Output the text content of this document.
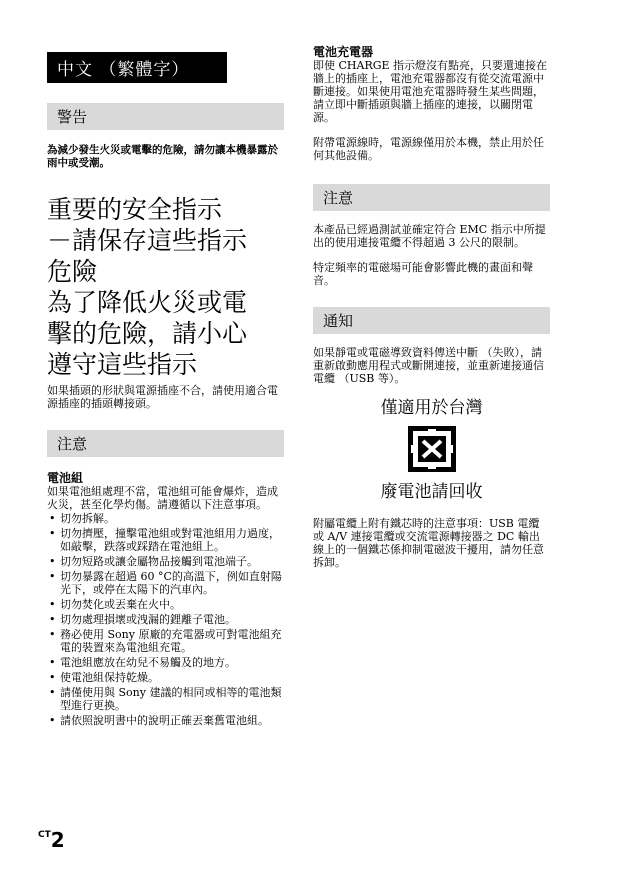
中文 （繁體字）
警告
為減少發生火災或電擊的危險，請勿讓本機暴露於雨中或受潮。
重要的安全指示
－請保存這些指示
危險
為了降低火災或電
擊的危險，請小心
遵守這些指示

如果插頭的形狀與電源插座不合，請使用適合電源插座的插頭轉接頭。

注意
電池組

如果電池組處理不當，電池組可能會爆炸，造成火災，甚至化學灼傷。請遵循以下注意事項。

• 切勿拆解。
• 切勿擠壓，撞擊電池組或對電池組用力過度，如敲擊，跌落或踩踏在電池組上。
• 切勿短路或讓金屬物品接觸到電池端子。
• 切勿暴露在超過 60 °C的高溫下，例如直射陽光下，或停在太陽下的汽車內。
• 切勿焚化或丟棄在火中。
• 切勿處理損壞或洩漏的鋰離子電池。
• 務必使用 Sony 原廠的充電器或可對電池組充電的裝置來為電池組充電。
• 電池組應放在幼兒不易觸及的地方。
• 使電池組保持乾燥。
• 請僅使用與 Sony 建議的相同或相等的電池類型進行更換。
• 請依照說明書中的說明正確丟棄舊電池組。
電池充電器

即使 CHARGE 指示燈沒有點亮，只要還連接在牆上的插座上，電池充電器都沒有從交流電源中斷連接。如果使用電池充電器時發生某些問題，請立即中斷插頭與牆上插座的連接，以關閉電源。

附帶電源線時，電源線僅用於本機，禁止用於任何其他設備。

注意

本產品已經過測試並確定符合 EMC 指示中所提出的使用連接電纜不得超過 3 公尺的限制。

特定頻率的電磁場可能會影響此機的畫面和聲音。

通知

如果靜電或電磁導致資料傳送中斷 （失敗），請重新啟動應用程式或斷開連接，並重新連接通信電纜 （USB 等）。

僅適用於台灣
廢電池請回收

附屬電纜上附有鐵芯時的注意事項：USB 電纜或 A/V 連接電纜或交流電源轉接器之 DC 輸出線上的一個鐵芯係抑制電磁波干擾用，請勿任意拆卸。

$^{CT}$2
